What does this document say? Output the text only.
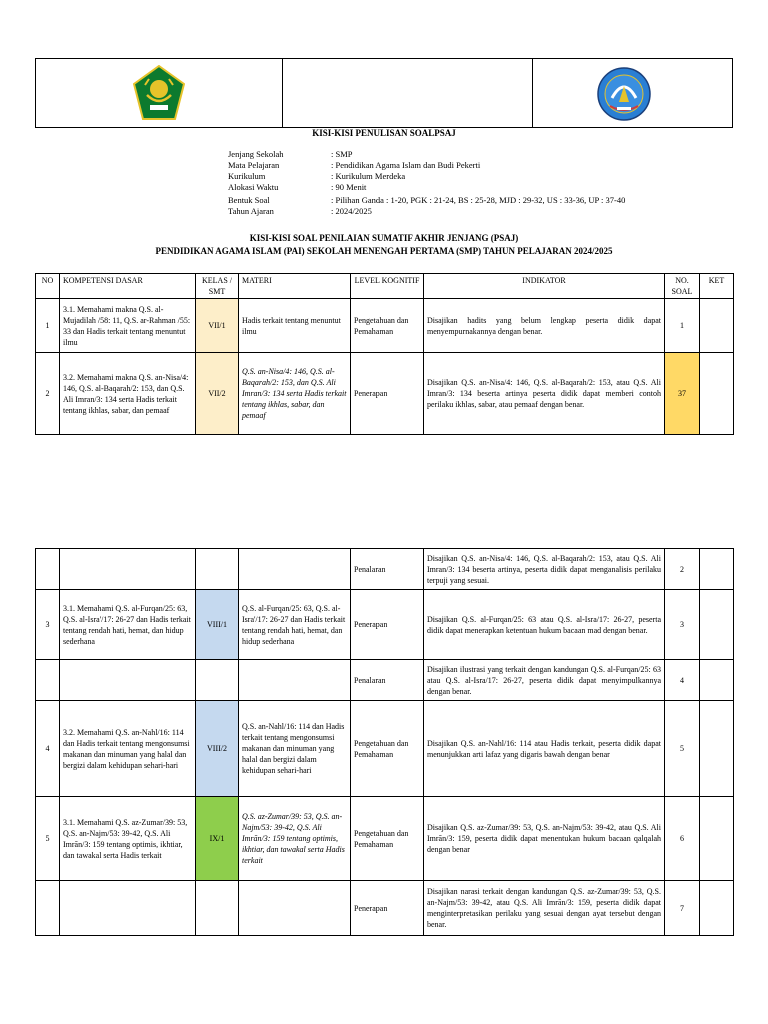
KISI-KISI PENULISAN SOALPSAJ
Jenjang Sekolah	: SMP
Mata Pelajaran	: Pendidikan Agama Islam dan Budi Pekerti
Kurikulum	: Kurikulum Merdeka
Alokasi Waktu	: 90 Menit
Bentuk Soal	: Pilihan Ganda : 1-20, PGK : 21-24, BS : 25-28, MJD : 29-32, US : 33-36, UP : 37-40
Tahun Ajaran	: 2024/2025
KISI-KISI SOAL PENILAIAN SUMATIF AKHIR JENJANG (PSAJ)
PENDIDIKAN AGAMA ISLAM (PAI) SEKOLAH MENENGAH PERTAMA (SMP) TAHUN PELAJARAN 2024/2025
NO	KOMPETENSI DASAR	KELAS / SMT	MATERI	LEVEL KOGNITIF	INDIKATOR	NO. SOAL	KET
1	3.1. Memahami makna Q.S. al-Mujadilah /58: 11, Q.S. ar-Rahman /55: 33 dan Hadis terkait tentang menuntut ilmu	VII/1	Hadis terkait tentang menuntut ilmu	Pengetahuan dan Pemahaman	Disajikan hadits yang belum lengkap peserta didik dapat menyempurnakannya dengan benar.	1	
2	3.2. Memahami makna Q.S. an-Nisa/4: 146, Q.S. al-Baqarah/2: 153, dan Q.S. Ali Imran/3: 134 serta Hadis terkait tentang ikhlas, sabar, dan pemaaf	VII/2	Q.S. an-Nisa/4: 146, Q.S. al-Baqarah/2: 153, dan Q.S. Ali Imran/3: 134 serta Hadis terkait tentang ikhlas, sabar, dan pemaaf	Penerapan	Disajikan Q.S. an-Nisa/4: 146, Q.S. al-Baqarah/2: 153, atau Q.S. Ali Imran/3: 134 beserta artinya peserta didik dapat memberi contoh perilaku ikhlas, sabar, atau pemaaf dengan benar.	37	
				Penalaran	Disajikan Q.S. an-Nisa/4: 146, Q.S. al-Baqarah/2: 153, atau Q.S. Ali Imran/3: 134 beserta artinya, peserta didik dapat menganalisis perilaku terpuji yang sesuai.	2	
3	3.1. Memahami Q.S. al-Furqan/25: 63, Q.S. al-Isra'/17: 26-27 dan Hadis terkait tentang rendah hati, hemat, dan hidup sederhana	VIII/1	Q.S. al-Furqan/25: 63, Q.S. al-Isra'/17: 26-27 dan Hadis terkait tentang rendah hati, hemat, dan hidup sederhana	Penerapan	Disajikan Q.S. al-Furqan/25: 63 atau Q.S. al-Isra/17: 26-27, peserta didik dapat menerapkan ketentuan hukum bacaan mad dengan benar.	3	
				Penalaran	Disajikan ilustrasi yang terkait dengan kandungan Q.S. al-Furqan/25: 63 atau Q.S. al-Isra/17: 26-27, peserta didik dapat menyimpulkannya dengan benar.	4	
4	3.2. Memahami Q.S. an-Nahl/16: 114 dan Hadis terkait tentang mengonsumsi makanan dan minuman yang halal dan bergizi dalam kehidupan sehari-hari	VIII/2	Q.S. an-Nahl/16: 114 dan Hadis terkait tentang mengonsumsi makanan dan minuman yang halal dan bergizi dalam kehidupan sehari-hari	Pengetahuan dan Pemahaman	Disajikan Q.S. an-Nahl/16: 114 atau Hadis terkait, peserta didik dapat menunjukkan arti lafaz yang digaris bawah dengan benar	5	
5	3.1. Memahami Q.S. az-Zumar/39: 53, Q.S. an-Najm/53: 39-42, Q.S. Ali Imrān/3: 159 tentang optimis, ikhtiar, dan tawakal serta Hadis terkait	IX/1	Q.S. az-Zumar/39: 53, Q.S. an-Najm/53: 39-42, Q.S. Ali Imrān/3: 159 tentang optimis, ikhtiar, dan tawakal serta Hadis terkait	Pengetahuan dan Pemahaman	Disajikan Q.S. az-Zumar/39: 53, Q.S. an-Najm/53: 39-42, atau Q.S. Ali Imrān/3: 159, peserta didik dapat menentukan hukum bacaan qalqalah dengan benar	6	
				Penerapan	Disajikan narasi terkait dengan kandungan Q.S. az-Zumar/39: 53, Q.S. an-Najm/53: 39-42, atau Q.S. Ali Imrān/3: 159, peserta didik dapat menginterpretasikan perilaku yang sesuai dengan ayat tersebut dengan benar.	7	
